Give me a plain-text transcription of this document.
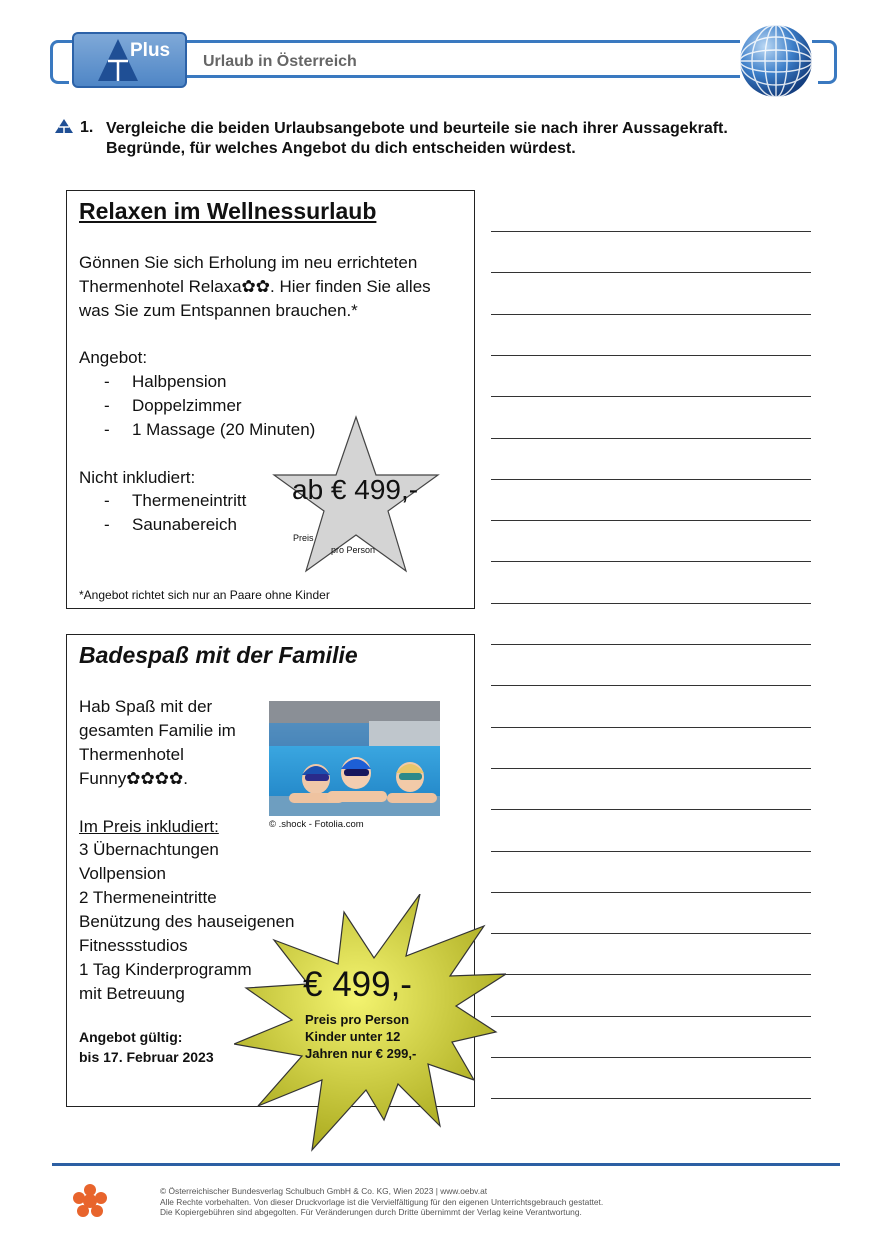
Plus
Urlaub in Österreich
1. Vergleiche die beiden Urlaubsangebote und beurteile sie nach ihrer Aussagekraft.
Begründe, für welches Angebot du dich entscheiden würdest.
Relaxen im Wellnessurlaub
Gönnen Sie sich Erholung im neu errichteten
Thermenhotel Relaxa✿✿. Hier finden Sie alles
was Sie zum Entspannen brauchen.*
Angebot:
- Halbpension
- Doppelzimmer
- 1 Massage (20 Minuten)
Nicht inkludiert:
- Thermeneintritt
- Saunabereich
*Angebot richtet sich nur an Paare ohne Kinder
ab € 499,-
Preis
pro Person
Badespaß mit der Familie
Hab Spaß mit der
gesamten Familie im
Thermenhotel
Funny✿✿✿✿.
Im Preis inkludiert:
3 Übernachtungen
Vollpension
2 Thermeneintritte
Benützung des hauseigenen
Fitnessstudios
1 Tag Kinderprogramm
mit Betreuung
Angebot gültig:
bis 17. Februar 2023
© .shock - Fotolia.com
€ 499,-
Preis pro Person
Kinder unter 12
Jahren nur € 299,-
© Österreichischer Bundesverlag Schulbuch GmbH & Co. KG, Wien 2023 | www.oebv.at
Alle Rechte vorbehalten. Von dieser Druckvorlage ist die Vervielfältigung für den eigenen Unterrichtsgebrauch gestattet.
Die Kopiergebühren sind abgegolten. Für Veränderungen durch Dritte übernimmt der Verlag keine Verantwortung.
